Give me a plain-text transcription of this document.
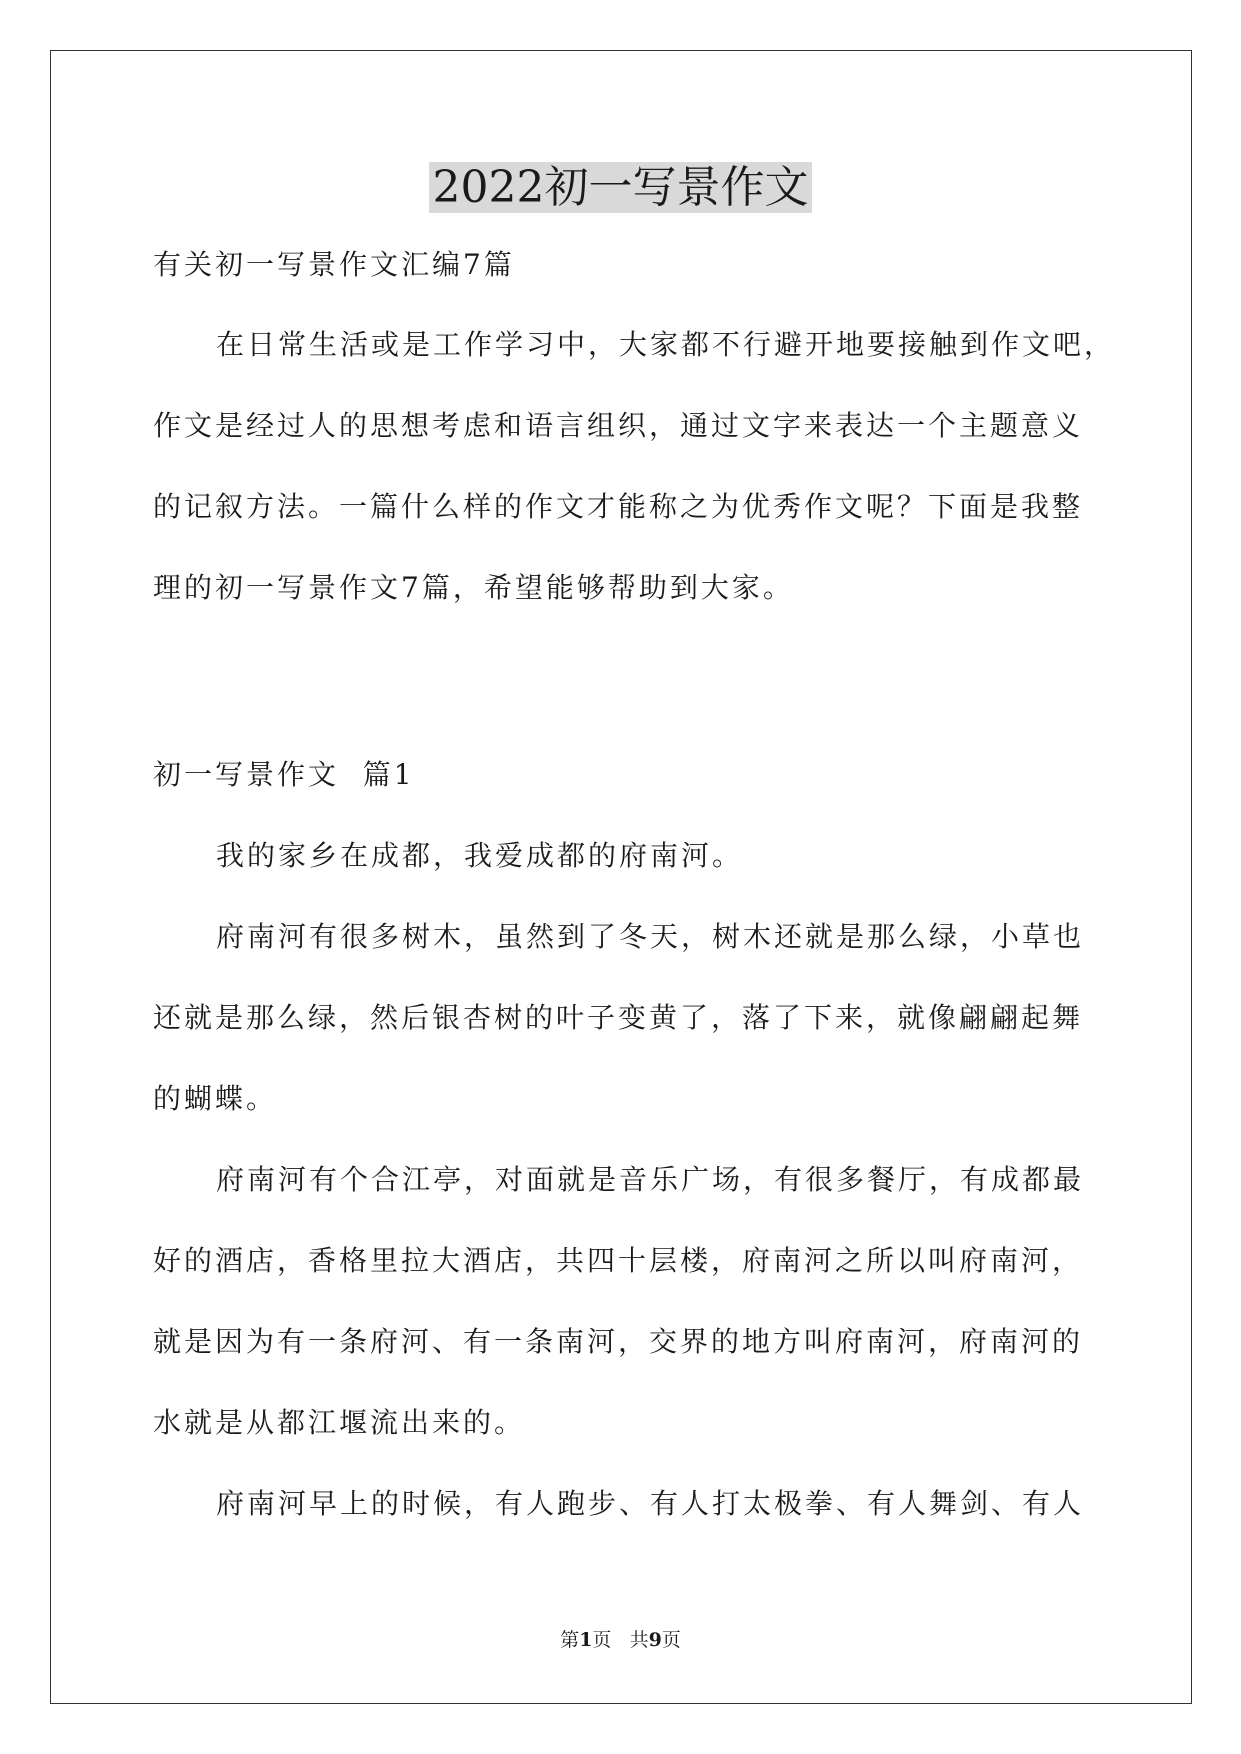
2022初一写景作文

有关初一写景作文汇编7篇

在日常生活或是工作学习中，大家都不行避开地要接触到作文吧，

作文是经过人的思想考虑和语言组织，通过文字来表达一个主题意义

的记叙方法。一篇什么样的作文才能称之为优秀作文呢？下面是我整

理的初一写景作文7篇，希望能够帮助到大家。

初一写景作文  篇1

我的家乡在成都，我爱成都的府南河。

府南河有很多树木，虽然到了冬天，树木还就是那么绿，小草也

还就是那么绿，然后银杏树的叶子变黄了，落了下来，就像翩翩起舞

的蝴蝶。

府南河有个合江亭，对面就是音乐广场，有很多餐厅，有成都最

好的酒店，香格里拉大酒店，共四十层楼，府南河之所以叫府南河，

就是因为有一条府河、有一条南河，交界的地方叫府南河，府南河的

水就是从都江堰流出来的。

府南河早上的时候，有人跑步、有人打太极拳、有人舞剑、有人

第1页 共9页
